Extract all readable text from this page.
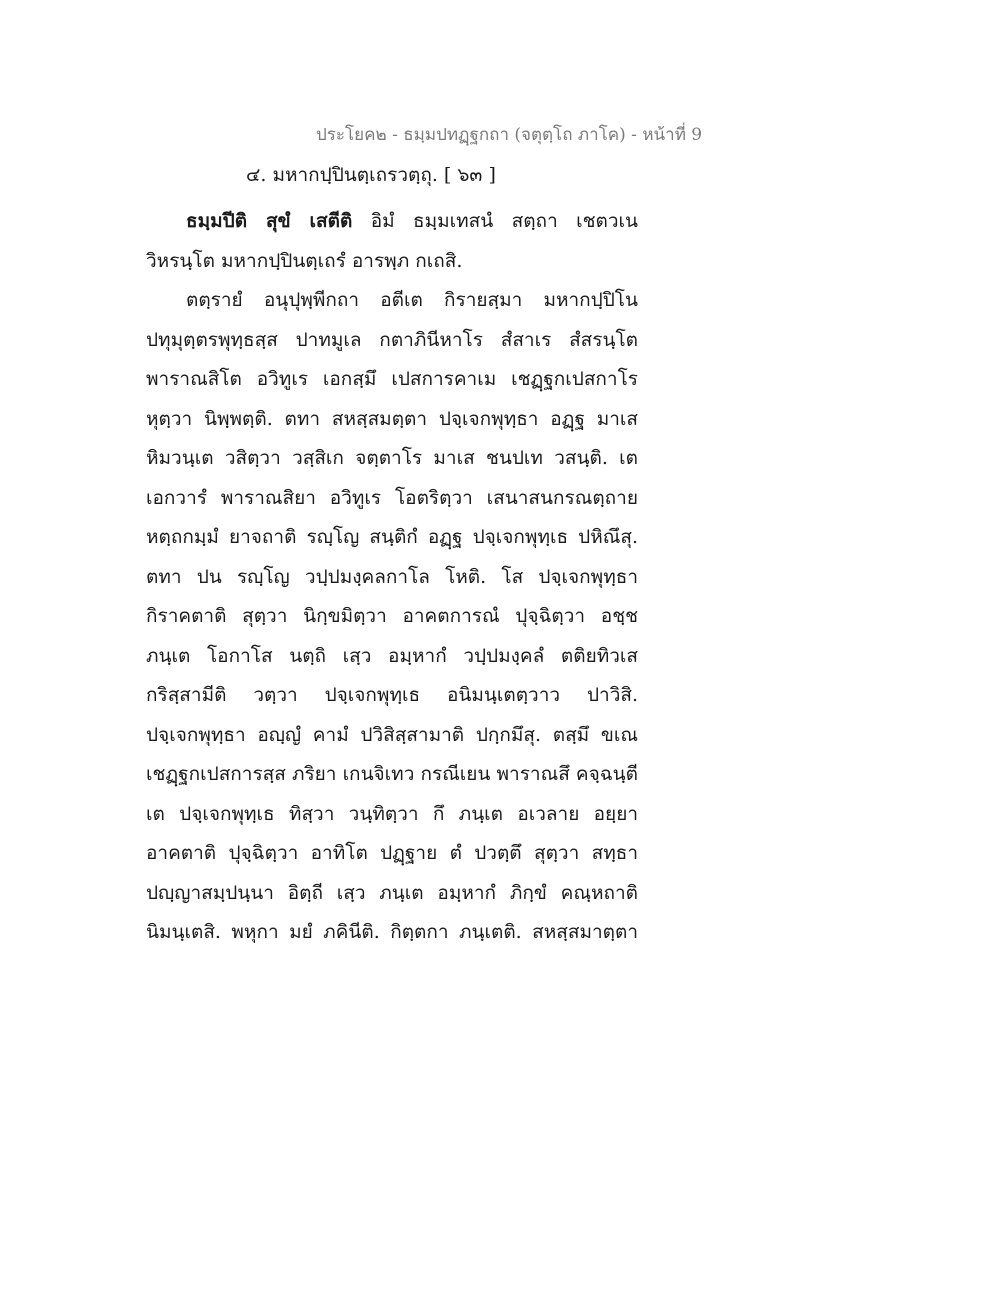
ประโยค๒ - ธมฺมปทฏฺฐกถา (จตุตฺโถ ภาโค) - หน้าที่ 9
๔. มหากปฺปินตฺเถรวตฺถุ. [ ๖๓ ]
ธมฺมปีติ สุขํ เสตีติ อิมํ ธมฺมเทสนํ สตฺถา เชตวเน
วิหรนฺโต มหากปฺปินตฺเถรํ อารพฺภ กเถสิ.
ตตฺรายํ อนุปุพฺพีกถา อตีเต กิรายสฺมา มหากปฺปิโน
ปทุมุตฺตรพุทฺธสฺส ปาทมูเล กตาภินีหาโร สํสาเร สํสรนฺโต
พาราณสิโต อวิทูเร เอกสฺมึ เปสการคาเม เชฏฺฐกเปสกาโร
หุตฺวา นิพฺพตฺติ. ตทา สหสฺสมตฺตา ปจฺเจกพุทฺธา อฏฺฐ มาเส
หิมวนฺเต วสิตฺวา วสฺสิเก จตฺตาโร มาเส ชนปเท วสนฺติ. เต
เอกวารํ พาราณสิยา อวิทูเร โอตริตฺวา เสนาสนกรณตฺถาย
หตฺถกมฺมํ ยาจถาติ รญฺโญ สนฺติกํ อฏฺฐ ปจฺเจกพุทฺเธ ปหิณึสุ.
ตทา ปน รญฺโญ วปฺปมงฺคลกาโล โหติ. โส ปจฺเจกพุทฺธา
กิราคตาติ สุตฺวา นิกฺขมิตฺวา อาคตการณํ ปุจฺฉิตฺวา อชฺช
ภนฺเต โอกาโส นตฺถิ เสฺว อมฺหากํ วปฺปมงฺคลํ ตติยทิวเส
กริสฺสามีติ วตฺวา ปจฺเจกพุทฺเธ อนิมนฺเตตฺวาว ปาวิสิ.
ปจฺเจกพุทฺธา อญฺญํ คามํ ปวิสิสฺสามาติ ปกฺกมึสุ. ตสฺมึ ขเณ
เชฏฺฐกเปสการสฺส ภริยา เกนจิเทว กรณีเยน พาราณสึ คจฺฉนฺตี
เต ปจฺเจกพุทฺเธ ทิสฺวา วนฺทิตฺวา กึ ภนฺเต อเวลาย อยฺยา
อาคตาติ ปุจฺฉิตฺวา อาทิโต ปฏฺฐาย ตํ ปวตฺตึ สุตฺวา สทฺธา
ปญฺญาสมฺปนฺนา อิตฺถี เสฺว ภนฺเต อมฺหากํ ภิกฺขํ คณฺหถาติ
นิมนฺเตสิ. พหุกา มยํ ภคินีติ. กิตฺตกา ภนฺเตติ. สหสฺสมาตฺตา
